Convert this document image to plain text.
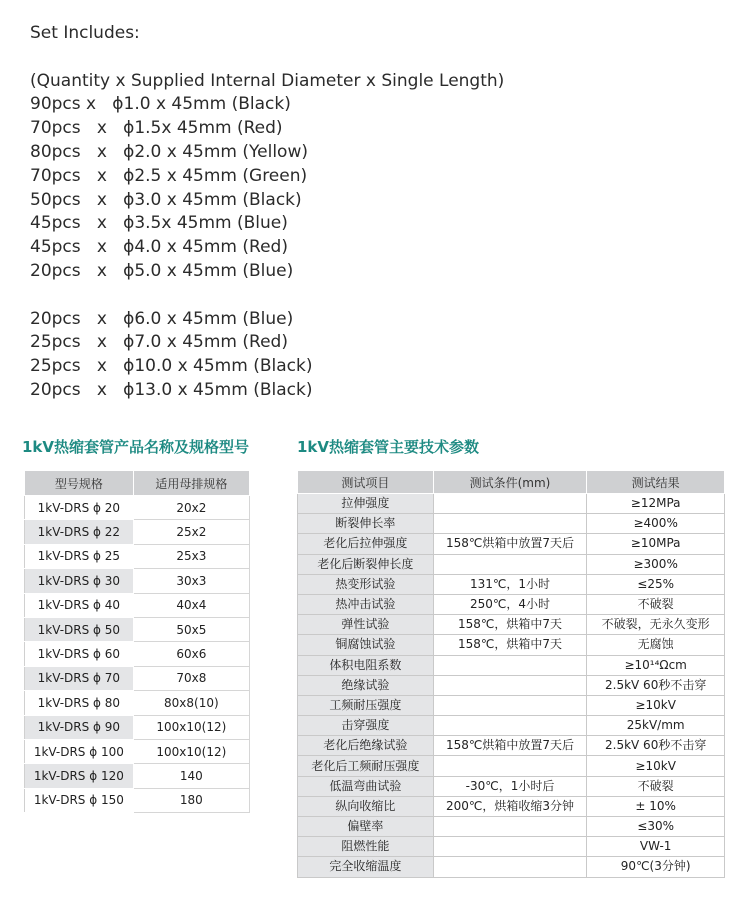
Set Includes:
(Quantity x Supplied Internal Diameter x Single Length)
90pcs x   ϕ1.0 x 45mm (Black)
70pcs   x   ϕ1.5x 45mm (Red)
80pcs   x   ϕ2.0 x 45mm (Yellow)
70pcs   x   ϕ2.5 x 45mm (Green)
50pcs   x   ϕ3.0 x 45mm (Black)
45pcs   x   ϕ3.5x 45mm (Blue)
45pcs   x   ϕ4.0 x 45mm (Red)
20pcs   x   ϕ5.0 x 45mm (Blue)
20pcs   x   ϕ6.0 x 45mm (Blue)
25pcs   x   ϕ7.0 x 45mm (Red)
25pcs   x   ϕ10.0 x 45mm (Black)
20pcs   x   ϕ13.0 x 45mm (Black)
1kV热缩套管产品名称及规格型号	1kV热缩套管主要技术参数
型号规格	适用母排规格
1kV-DRS ϕ 20	20x2
1kV-DRS ϕ 22	25x2
1kV-DRS ϕ 25	25x3
1kV-DRS ϕ 30	30x3
1kV-DRS ϕ 40	40x4
1kV-DRS ϕ 50	50x5
1kV-DRS ϕ 60	60x6
1kV-DRS ϕ 70	70x8
1kV-DRS ϕ 80	80x8(10)
1kV-DRS ϕ 90	100x10(12)
1kV-DRS ϕ 100	100x10(12)
1kV-DRS ϕ 120	140
1kV-DRS ϕ 150	180
测试项目	测试条件(mm)	测试结果
拉伸强度		≥12MPa
断裂伸长率		≥400%
老化后拉伸强度	158℃烘箱中放置7天后	≥10MPa
老化后断裂伸长度		≥300%
热变形试验	131℃，1小时	≤25%
热冲击试验	250℃，4小时	不破裂
弹性试验	158℃，烘箱中7天	不破裂，无永久变形
铜腐蚀试验	158℃，烘箱中7天	无腐蚀
体积电阻系数		≥10¹⁴Ωcm
绝缘试验		2.5kV 60秒不击穿
工频耐压强度		≥10kV
击穿强度		25kV/mm
老化后绝缘试验	158℃烘箱中放置7天后	2.5kV 60秒不击穿
老化后工频耐压强度		≥10kV
低温弯曲试验	-30℃，1小时后	不破裂
纵向收缩比	200℃，烘箱收缩3分钟	± 10%
偏壁率		≤30%
阻燃性能		VW-1
完全收缩温度		90℃(3分钟)
